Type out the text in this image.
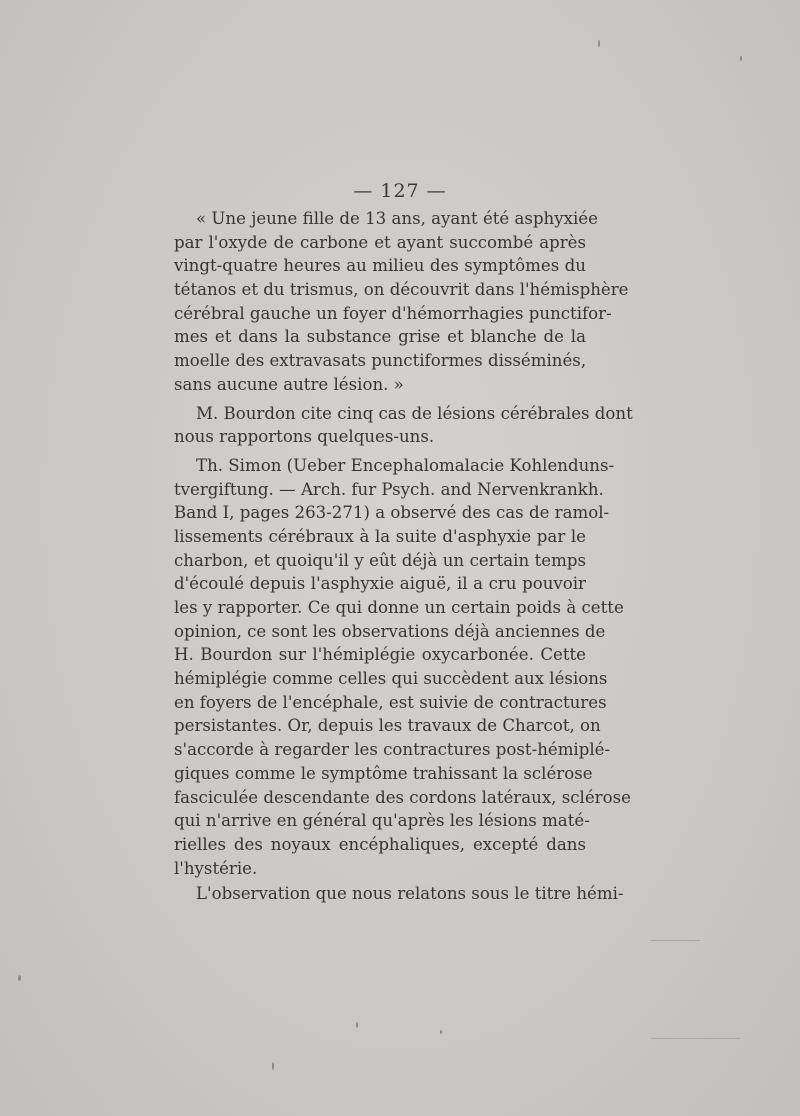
— 127 —
« Une jeune fille de 13 ans, ayant été asphyxiée
par l'oxyde de carbone et ayant succombé après
vingt-quatre heures au milieu des symptômes du
tétanos et du trismus, on découvrit dans l'hémisphère
cérébral gauche un foyer d'hémorrhagies punctifor-
mes et dans la substance grise et blanche de la
moelle des extravasats punctiformes disséminés,
sans aucune autre lésion. »
M. Bourdon cite cinq cas de lésions cérébrales dont
nous rapportons quelques-uns.
Th. Simon (Ueber Encephalomalacie Kohlenduns-
tvergiftung. — Arch. fur Psych. and Nervenkrankh.
Band I, pages 263-271) a observé des cas de ramol-
lissements cérébraux à la suite d'asphyxie par le
charbon, et quoiqu'il y eût déjà un certain temps
d'écoulé depuis l'asphyxie aiguë, il a cru pouvoir
les y rapporter. Ce qui donne un certain poids à cette
opinion, ce sont les observations déjà anciennes de
H. Bourdon sur l'hémiplégie oxycarbonée. Cette
hémiplégie comme celles qui succèdent aux lésions
en foyers de l'encéphale, est suivie de contractures
persistantes. Or, depuis les travaux de Charcot, on
s'accorde à regarder les contractures post-hémiplé-
giques comme le symptôme trahissant la sclérose
fasciculée descendante des cordons latéraux, sclérose
qui n'arrive en général qu'après les lésions maté-
rielles des noyaux encéphaliques, excepté dans
l'hystérie.
L'observation que nous relatons sous le titre hémi-
